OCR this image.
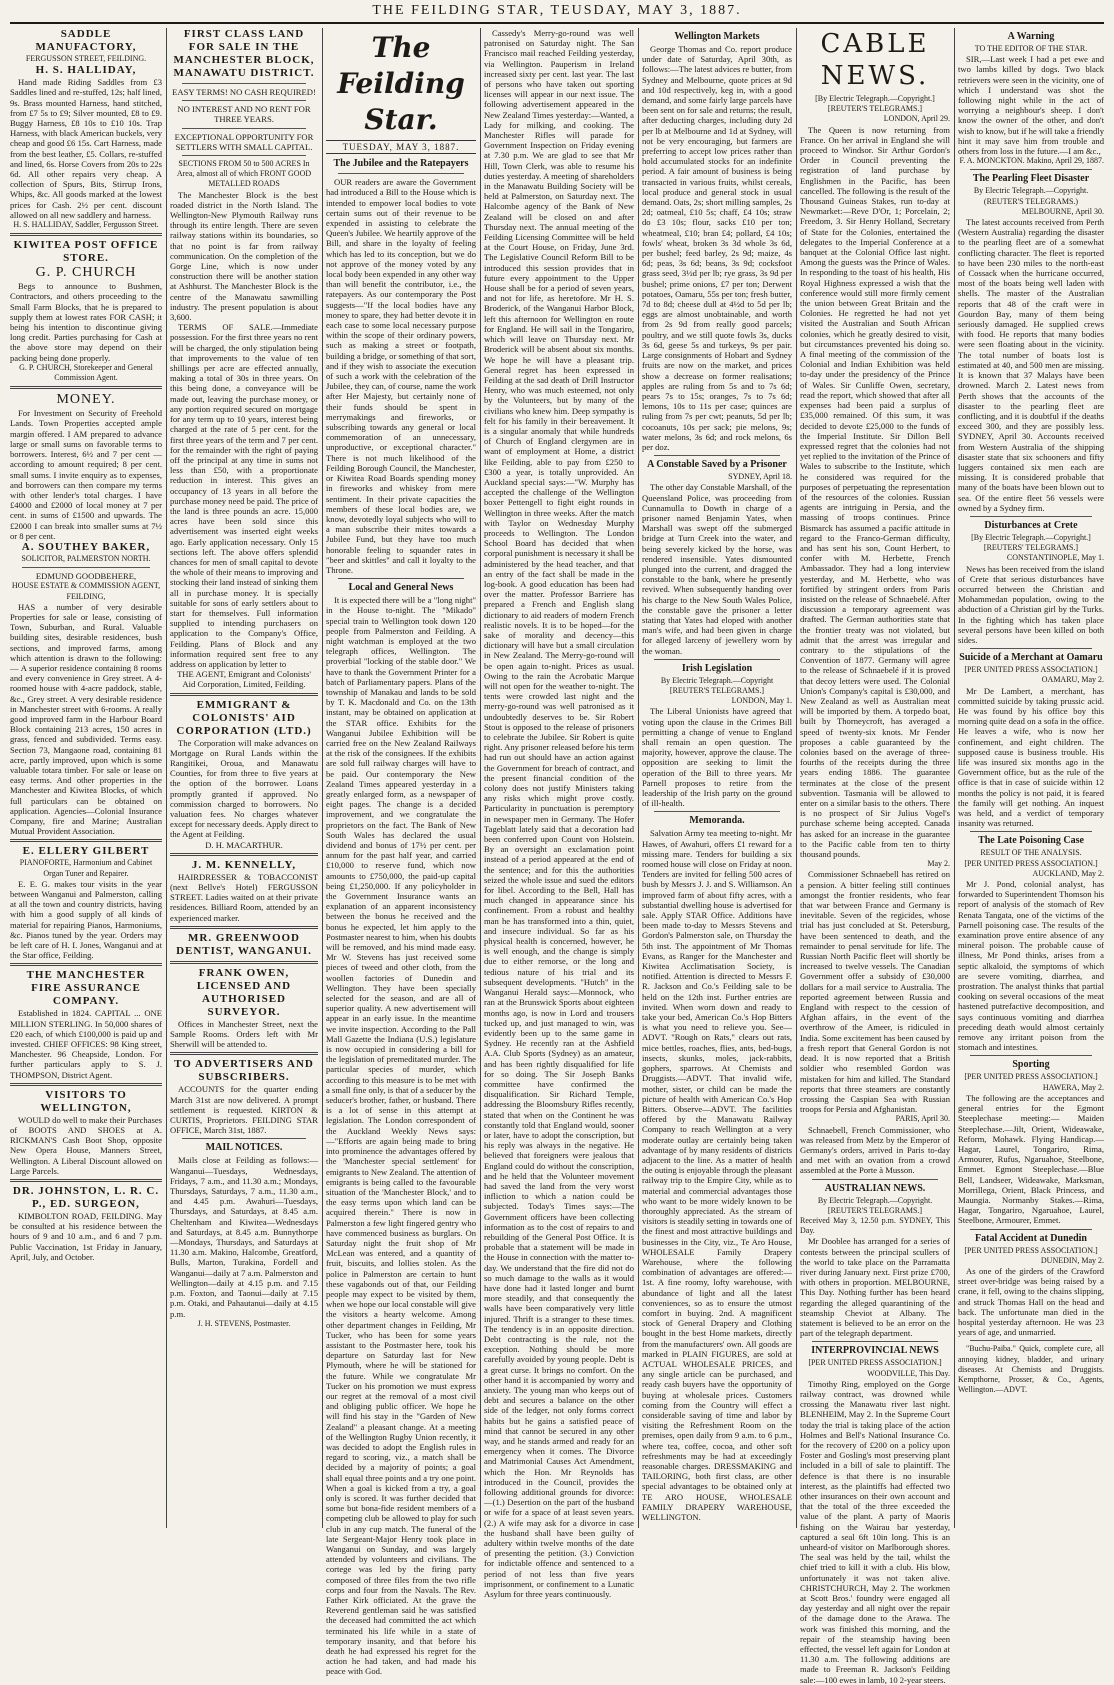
THE FEILDING STAR, TEUSDAY, MAY 3, 1887.
SADDLE MANUFACTORY,
FERGUSSON STREET, FEILDING.
H. S. HALLIDAY,

Hand made Riding Saddles from £3 Saddles lined and re-stuffed, 12s; half lined, 9s. Brass mounted Harness, hand stitched, from £7 5s to £9; Silver mounted, £8 to £9. Buggy Harness, £8 10s to £10 10s. Trap Harness, with black American buckels, very cheap and good £6 15s. Cart Harness, made from the best leather, £5. Collars, re-stuffed and lined, 6s. Horse Covers from 20s to 22s 6d. All other repairs very cheap. A collection of Spurs, Bits, Stirrup Irons, Whips, &c. All goods marked at the lowest prices for Cash. 2½ per cent. discount allowed on all new saddlery and harness.

H. S. HALLIDAY, Saddler, Fergusson Street.
KIWITEA POST OFFICE STORE.
G. P. CHURCH

Begs to announce to Bushmen, Contractors, and others proceeding to the Small Farm Blocks, that he is prepared to supply them at lowest rates FOR CASH; it being his intention to discontinue giving long credit. Parties purchasing for Cash at the above store may depend on their packing being done properly.

G. P. CHURCH, Storekeeper and General Commission Agent.
MONEY.

For Investment on Security of Freehold Lands. Town Properties accepted ample margin offered. I AM prepared to advance large or small sums on favorable terms to borrowers. Interest, 6½ and 7 per cent — according to amount required; 8 per cent. small sums. I invite enquiry as to expenses, and borrowers can then compare my terms with other lender's total charges. I have £4000 and £2000 of local money at 7 per cent. in sums of £1500 and upwards. The £2000 I can break into smaller sums at 7½ or 8 per cent.

A. SOUTHEY BAKER,
SOLICITOR, PALMERSTON NORTH.
EDMUND GOODBEHERE,
HOUSE ESTATE & COMMISSION AGENT, FEILDING,

HAS a number of very desirable Properties for sale or lease, consisting of Town, Suburban, and Rural. Valuable building sites, desirable residences, bush sections, and improved farms, among which attention is drawn to the following:— A superior residence containing 8 rooms and every convenience in Grey street. A 4-roomed house with 4-acre paddock, stable, &c., Grey street. A very desirable residence in Manchester street with 6-rooms. A really good improved farm in the Harbour Board Block containing 213 acres, 150 acres in grass, fenced and subdivided. Terms easy. Section 73, Mangaone road, containing 81 acre, partly improved, upon which is some valuable totara timber. For sale or lease on easy terms. And other properties in the Manchester and Kiwitea Blocks, of which full particulars can be obtained on application. Agencies—Colonial Insurance Company, fire and Marine; Australian Mutual Provident Association.

E. ELLERY GILBERT
PIANOFORTE, Harmonium and Cabinet Organ Tuner and Repairer.

E. E. G. makes tour visits in the year between Wanganui and Palmerston, calling at all the town and country districts, having with him a good supply of all kinds of material for repairing Pianos, Harmoniums, &c. Pianos tuned by the year. Orders may be left care of H. I. Jones, Wanganui and at the Star office, Feilding.

THE MANCHESTER FIRE ASSURANCE COMPANY.

Established in 1824. CAPITAL ... ONE MILLION STERLING. In 50,000 shares of £20 each, of which £100,000 is paid up and invested. CHIEF OFFICES: 98 King street, Manchester. 96 Cheapside, London. For further particulars apply to S. J. THOMPSON, District Agent.

VISITORS TO WELLINGTON,

WOULD do well to make their Purchases of BOOTS AND SHOES at A. RICKMAN'S Cash Boot Shop, opposite New Opera House, Manners Street, Wellington. A Liberal Discount allowed on Large Parcels.

DR. JOHNSTON, L. R. C. P., ED. SURGEON,

KIMBOLTON ROAD, FEILDING. May be consulted at his residence between the hours of 9 and 10 a.m., and 6 and 7 p.m. Public Vaccination, 1st Friday in January, April, July, and October.

FIRST CLASS LAND FOR SALE IN THE MANCHESTER BLOCK, MANAWATU DISTRICT.
EASY TERMS! NO CASH REQUIRED!
NO INTEREST AND NO RENT FOR THREE YEARS.
EXCEPTIONAL OPPORTUNITY FOR SETTLERS WITH SMALL CAPITAL.
SECTIONS FROM 50 to 500 ACRES In Area, almost all of which FRONT GOOD METALLED ROADS

The Manchester Block is the best roaded district in the North Island. The Wellington-New Plymouth Railway runs through its entire length. There are seven railway stations within its boundaries, so that no point is far from railway communication. On the completion of the Gorge Line, which is now under construction there will be another station at Ashhurst. The Manchester Block is the centre of the Manawatu sawmilling industry. The present population is about 3,600.

TERMS OF SALE.—Immediate possession. For the first three years no rent will be charged, the only stipulation being that improvements to the value of ten shillings per acre are effected annually, making a total of 30s in three years. On this being done, a conveyance will be made out, leaving the purchase money, or any portion required secured on mortgage for any term up to 10 years, interest being charged at the rate of 5 per cent. for the first three years of the term and 7 per cent. for the remainder with the right of paying off the principal at any time in sums not less than £50, with a proportionate reduction in interest. This gives an occupancy of 13 years in all before the purchase money need be paid. The price of the land is three pounds an acre. 15,000 acres have been sold since this advertisement was inserted eight weeks ago. Early application necessary. Only 15 sections left. The above offers splendid chances for men of small capital to devote the whole of their means to improving and stocking their land instead of sinking them all in purchase money. It is specially suitable for sons of early settlers about to start for themselves. Full information supplied to intending purchasers on application to the Company's Office, Feilding. Plans of Block and any information required sent free to any address on application by letter to

THE AGENT, Emigrant and Colonists' Aid Corporation, Limited, Feilding.
EMMIGRANT & COLONISTS' AID CORPORATION (LTD.)

The Corporation will make advances on Mortgage on Rural Lands within the Rangitikei, Oroua, and Manawatu Counties, for from three to five years at the option of the borrower. Loans promptly granted if approved. No commission charged to borrowers. No valuation fees. No charges whatever except for necessary deeds. Apply direct to the Agent at Feilding.

D. H. MACARTHUR.
J. M. KENNELLY,

HAIRDRESSER & TOBACCONIST (next Bellve's Hotel) FERGUSSON STREET. Ladies waited on at their private residences. Billiard Room, attended by an experienced marker.

MR. GREENWOOD DENTIST, WANGANUI.
FRANK OWEN, LICENSED AND AUTHORISED SURVEYOR.

Offices in Manchester Street, next the Sample Rooms. Orders left with Mr Sherwill will be attended to.

TO ADVERTISERS AND SUBSCRIBERS.

ACCOUNTS for the quarter ending March 31st are now delivered. A prompt settlement is requested. KIRTON & CURTIS, Proprietors. FEILDING STAR OFFICE, March 31st, 1887.

MAIL NOTICES.

Mails close at Feilding as follows:— Wanganui—Tuesdays, Wednesdays, Fridays, 7 a.m., and 11.30 a.m.; Mondays, Thursdays, Saturdays, 7 a.m., 11.30 a.m., and 4.45 p.m. Awahuri—Tuesdays, Thursdays, and Saturdays, at 8.45 a.m. Cheltenham and Kiwitea—Wednesdays and Saturdays, at 8.45 a.m. Bunnythorpe—Mondays, Thursdays, and Saturdays at 11.30 a.m. Makino, Halcombe, Greatford, Bulls, Marton, Turakina, Fordell and Wanganui—daily at 7 a.m. Palmerston and Wellington—daily at 4.15 p.m. and 7.15 p.m. Foxton, and Taonui—daily at 7.15 p.m. Otaki, and Pahautanui—daily at 4.15 p.m.

J. H. STEVENS, Postmaster.
The Feilding Star.
TUESDAY, MAY 3, 1887.
The Jubilee and the Ratepayers

OUR readers are aware the Government had introduced a Bill to the House which is intended to empower local bodies to vote certain sums out of their revenue to be expended in assisting to celebrate the Queen's Jubilee. We heartily approve of the Bill, and share in the loyalty of feeling which has led to its conception, but we do not approve of the money voted by any local body been expended in any other way than will benefit the contributor, i.e., the ratepayers. As our contemporary the Post suggests—"If the local bodies have any money to spare, they had better devote it in each case to some local necessary purpose within the scope of their ordinary powers, such as making a street or footpath, building a bridge, or something of that sort, and if they wish to associate the execution of such a work with the celebration of the Jubilee, they can, of course, name the work after Her Majesty, but certainly none of their funds should be spent in merrymakings and fireworks, or subscribing towards any general or local commemoration of an unnecessary, unproductive, or exceptional character." There is not much likelihood of the Feilding Borough Council, the Manchester, or Kiwitea Road Boards spending money in fireworks and whiskey from mere sentiment. In their private capacities the members of these local bodies are, we know, devotedly loyal subjects who will to a man subscribe their mites towards a Jubilee Fund, but they have too much honorable feeling to squander rates in "beer and skittles" and call it loyalty to the Throne.

Local and General News

It is expected there will be a "long night" in the House to-night. The "Mikado" special train to Wellington took down 120 people from Palmerston and Feilding. A night watchman is employed at the two telegraph offices, Wellington. The proverbial "locking of the stable door." We have to thank the Government Printer for a batch of Parliamentary papers. Plans of the township of Manakau and lands to be sold by T. K. Macdonald and Co. on the 13th instant, may be obtained on application at the STAR office. Exhibits for the Wanganui Jubilee Exhibition will be carried free on the New Zealand Railways at the risk of the consignees. If the exhibits are sold full railway charges will have to be paid. Our contemporary the New Zealand Times appeared yesterday in a greatly enlarged form, as a newspaper of eight pages. The change is a decided improvement, and we congratulate the proprietors on the fact. The Bank of New South Wales has declared the usual dividend and bonus of 17½ per cent. per annum for the past half year, and carried £10,000 to reserve fund, which now amounts to £750,000, the paid-up capital being £1,250,000. If any policyholder in the Government Insurance wants an explanation of an apparent inconsistency between the bonus he received and the bonus he expected, let him apply to the Postmaster nearest to him, when his doubts will be removed, and his mind made easy. Mr W. Stevens has just received some pieces of tweed and other cloth, from the woollen factories of Dunedin and Wellington. They have been specially selected for the season, and are all of superior quality. A new advertisement will appear in an early issue. In the meantime we invite inspection. According to the Pall Mall Gazette the Indiana (U.S.) legislature is now occupied in considering a bill for the legislation of premeditated murder. The particular species of murder, which according to this measure is to be met with a small fine only, is that of a seducer by the seducer's brother, father, or husband. There is a lot of sense in this attempt at legislation. The London correspondent of the Auckland Weekly News says:—"Efforts are again being made to bring into prominence the advantages offered by the 'Manchester special settlement' for emigrants to New Zealand. The attention of emigrants is being called to the favourable situation of the 'Manchester Block,' and to the easy terms upon which land can be acquired therein." There is now in Palmerston a few light fingered gentry who have commenced business as burglars. On Saturday night the fruit shop of Mr McLean was entered, and a quantity of fruit, biscuits, and lollies stolen. As the police in Palmerston are certain to hunt these vagabonds out of that, our Feilding people may expect to be visited by them, when we hope our local constable will give the visitors a hearty welcome. Among other department changes in Feilding, Mr Tucker, who has been for some years assistant to the Postmaster here, took his departure on Saturday last for New Plymouth, where he will be stationed for the future. While we congratulate Mr Tucker on his promotion we must express our regret at the removal of a most civil and obliging public officer. We hope he will find his stay in the "Garden of New Zealand" a pleasant change. At a meeting of the Wellington Rugby Union recently, it was decided to adopt the English rules in regard to scoring, viz., a match shall be decided by a majority of points; a goal shall equal three points and a try one point. When a goal is kicked from a try, a goal only is scored. It was further decided that some but bona-fide resident members of a competing club be allowed to play for such club in any cup match. The funeral of the late Sergeant-Major Henry took place in Wanganui on Sunday, and was largely attended by volunteers and civilians. The cortege was led by the firing party composed of three files from the two rifle corps and four from the Navals. The Rev. Father Kirk officiated. At the grave the Reverend gentleman said he was satisfied the deceased had committed the act which terminated his life while in a state of temporary insanity, and that before his death he had expressed his regret for the action he had taken, and had made his peace with God.

Cassedy's Merry-go-round was well patronised on Saturday night. The San Francisco mail reached Feilding yesterday, via Wellington. Pauperism in Ireland increased sixty per cent. last year. The last of persons who have taken out sporting licenses will appear in our next issue. The following advertisement appeared in the New Zealand Times yesterday:—Wanted, a Lady for milking, and cooking. The Manchester Rifles will parade for Government Inspection on Friday evening at 7.30 p.m. We are glad to see that Mr Hill, Town Clerk, was able to resume his duties yesterday. A meeting of shareholders in the Manawatu Building Society will be held at Palmerston, on Saturday next. The Halcombe agency of the Bank of New Zealand will be closed on and after Thursday next. The annual meeting of the Feilding Licensing Committee will be held at the Court House, on Friday, June 3rd. The Legislative Council Reform Bill to be introduced this session provides that in future every appointment to the Upper House shall be for a period of seven years, and not for life, as heretofore. Mr H. S. Broderick, of the Wanganui Harbor Block, left this afternoon for Wellington en route for England. He will sail in the Tongariro, which will leave on Thursday next. Mr Broderick will be absent about six months. We hope he will have a pleasant trip. General regret has been expressed in Feilding at the sad death of Drill Instructor Henry, who was much esteemed, not only by the Volunteers, but by many of the civilians who knew him. Deep sympathy is felt for his family in their bereavement. It is a singular anomaly that while hundreds of Church of England clergymen are in want of employment at Home, a district like Feilding, able to pay from £250 to £300 a year, is totally unprovided. An Auckland special says:—"W. Murphy has accepted the challenge of the Wellington boxer Pettengell to fight eight rounds in Wellington in three weeks. After the match with Taylor on Wednesday Murphy proceeds to Wellington. The London School Board has decided that when corporal punishment is necessary it shall be administered by the head teacher, and that an entry of the fact shall be made in the log-book. A good education has been had over the matter. Professor Barriere has prepared a French and English slang dictionary to aid readers of modern French realistic novels. It is to be hoped—for the sake of morality and decency—this dictionary will have but a small circulation in New Zealand. The Merry-go-round will be open again to-night. Prices as usual. Owing to the rain the Acrobatic Marque will not open for the weather to-night. The tents were crowded last night and the merry-go-round was well patronised as it undoubtedly deserves to be. Sir Robert Stout is opposed to the release of prisoners to celebrate the Jubilee. Sir Robert is quite right. Any prisoner released before his term had run out should have an action against the Government for breach of contract, and the present financial condition of the colony does not justify Ministers taking any risks which might prove costly. Particularity in punctuation is peremptory in newspaper men in Germany. The Hofer Tageblatt lately said that a decoration had been conferred upon Count von Holstein. By an oversight an exclamation point instead of a period appeared at the end of the sentence; and for this the authorities seized the whole issue and sued the editors for libel. According to the Bell, Hall has much changed in appearance since his confinement. From a robust and healthy man he has transformed into a thin, quiet, and insecure individual. So far as his physical health is concerned, however, he is well enough, and the change is simply due to either remorse, or the long and tedious nature of his trial and its subsequent developments. "Hutch" in the Wanganui Herald says:—Monnock, who ran at the Brunswick Sports about eighteen months ago, is now in Lord and trousers tucked up, and just managed to win, was evidently been up to the same game in Sydney. He recently ran at the Ashfield A.A. Club Sports (Sydney) as an amateur, and has been rightly disqualified for life for so doing. The Sir Joseph Banks committee have confirmed the disqualification. Sir Richard Temple, addressing the Bloomsbury Rifles recently, stated that when on the Continent he was constantly told that England would, sooner or later, have to adopt the conscription, but his reply was always in the negative. He believed that foreigners were jealous that England could do without the conscription, and he held that the Volunteer movement had saved the land from the very worst infliction to which a nation could be subjected. Today's Times says:—The Government officers have been collecting information as to the cost of repairs to and rebuilding of the General Post Office. It is probable that a statement will be made in the House in connection with the matter to-day. We understand that the fire did not do so much damage to the walls as it would have done had it lasted longer and burnt more steadily, and that consequently the walls have been comparatively very little injured. Thrift is a stranger to these times. The tendency is in an opposite direction. Debt contracting is the rule, not the exception. Nothing should be more carefully avoided by young people. Debt is a great curse. It brings no comfort. On the other hand it is accompanied by worry and anxiety. The young man who keeps out of debt and secures a balance on the other side of the ledger, not only forms correct habits but he gains a satisfied peace of mind that cannot be secured in any other way, and he stands armed and ready for an emergency when it comes. The Divorce and Matrimonial Causes Act Amendment, which the Hon. Mr Reynolds has introduced in the Council, provides the following additional grounds for divorce:—(1.) Desertion on the part of the husband or wife for a space of at least seven years. (2.) A wife may ask for a divorce in case the husband shall have been guilty of adultery within twelve months of the date of presenting the petition. (3.) Conviction for indictable offence and sentenced to a period of not less than five years imprisonment, or confinement to a Lunatic Asylum for three years continuously.

Wellington Markets

George Thomas and Co. report produce under date of Saturday, April 30th, as follows:—The latest advices re butter, from Sydney and Melbourne, quote prices at 9d and 10d respectively, keg in, with a good demand, and some fairly large parcels have been sent on for sale and returns; the result, after deducting charges, including duty 2d per lb at Melbourne and 1d at Sydney, will not be very encouraging, but farmers are preferring to accept low prices rather than hold accumulated stocks for an indefinite period. A fair amount of business is being transacted in various fruits, whilst cereals, local produce and general stock in usual demand. Oats, 2s; short milling samples, 2s 2d; oatmeal, £10 5s; chaff, £4 10s; straw do £3 10s; flour, sacks £10 per ton; wheatmeal, £10; bran £4; pollard, £4 10s; fowls' wheat, broken 3s 3d whole 3s 6d, per bushel; feed barley, 2s 9d; maize, 4s 6d; peas, 3s 6d; beans, 3s 9d; cocksfoot grass seed, 3½d per lb; rye grass, 3s 9d per bushel; prime onions, £7 per ton; Derwent potatoes, Oamaru, 55s per ton; fresh butter, 7d to 8d; cheese dull at 4½d to 5d per lb; eggs are almost unobtainable, and worth from 2s 9d from really good parcels; poultry, and we still quote fowls 3s, ducks 3s 6d, geese 5s and turkeys, 9s per pair. Large consignments of Hobart and Sydney fruits are now on the market, and prices show a decrease on former realisations; apples are ruling from 5s and to 7s 6d; pears 7s to 15s; oranges, 7s to 7s 6d; lemons, 10s to 11s per case; quinces are ruling from 7s per cwt; peanuts, 5d per lb; cocoanuts, 10s per sack; pie melons, 9s; water melons, 3s 6d; and rock melons, 6s per doz.

A Constable Saved by a Prisoner
SYDNEY, April 18.

The other day Constable Marshall, of the Queensland Police, was proceeding from Cunnamulla to Dowth in charge of a prisoner named Benjamin Yates, when Marshall was swept off the submerged bridge at Turn Creek into the water, and being severely kicked by the horse, was rendered insensible. Yates dismounted plunged into the current, and dragged the constable to the bank, where he presently revived. When subsequently handing over his charge to the New South Wales Police, the constable gave the prisoner a letter stating that Yates had eloped with another man's wife, and had been given in charge for alleged larceny of jewellery worn by the woman.

Irish Legislation
By Electric Telegraph.—Copyright
[REUTER'S TELEGRAMS.]
LONDON, May 1.

The Liberal Unionists have agreed that voting upon the clause in the Crimes Bill permitting a change of venue to England shall remain an open question. The majority, however, approve the clause. The opposition are seeking to limit the operation of the Bill to three years. Mr Parnell proposes to retire from the leadership of the Irish party on the ground of ill-health.

Memoranda.

Salvation Army tea meeting to-night. Mr Hawes, of Awahuri, offers £1 reward for a missing mare. Tenders for building a six roomed house will close on Friday at noon. Tenders are invited for felling 500 acres of bush by Messrs J. J. and S. Williamson. An improved farm of about fifty acres, with a substantial dwelling house is advertised for sale. Apply STAR Office. Additions have been made to-day to Messrs Stevens and Gordon's Palmerston sale, on Thursday the 5th inst. The appointment of Mr Thomas Evans, as Ranger for the Manchester and Kiwitea Acclimatisation Society, is notified. Attention is directed to Messrs F. R. Jackson and Co.'s Feilding sale to be held on the 12th inst. Further entries are invited. When worn down and ready to take your bed, American Co.'s Hop Bitters is what you need to relieve you. See—ADVT. "Rough on Rats," clears out rats, mice bettles, roaches, flies, ants, bed-bugs, insects, skunks, moles, jack-rabbits, gophers, sparrows. At Chemists and Druggists.—ADVT. That invalid wife, mother, sister, or child can be made the picture of health with American Co.'s Hop Bitters. Observe—ADVT. The facilities offered by the Manawatu Railway Company to reach Wellington at a very moderate outlay are certainly being taken advantage of by many residents of districts adjacent to the line. As a matter of health the outing is enjoyable through the pleasant railway trip to the Empire City, while as to material and commercial advantages those who want to be more widely known to be thoroughly appreciated. As the stream of visitors is steadily setting in towards one of the finest and most attractive buildings and businesses in the City, viz., Te Aro House, WHOLESALE Family Drapery Warehouse, where the following combination of advantages are offered:—1st. A fine roomy, lofty warehouse, with abundance of light and all the latest conveniences, so as to ensure the utmost comfort in buying. 2nd. A magnificent stock of General Drapery and Clothing bought in the best Home markets, directly from the manufacturers' own. All goods are marked in PLAIN FIGURES, are sold at ACTUAL WHOLESALE PRICES, and any single article can be purchased, and ready cash buyers have the opportunity of buying at wholesale prices. Customers coming from the Country will effect a considerable saving of time and labor by visiting the Refreshment Room on the premises, open daily from 9 a.m. to 6 p.m., where tea, coffee, cocoa, and other soft refreshments may be had at exceedingly reasonable charges. DRESSMAKING and TAILORING, both first class, are other special advantages to be obtained only at TE ARO HOUSE, WHOLESALE FAMILY DRAPERY WAREHOUSE, WELLINGTON.

CABLE NEWS.
[By Electric Telegraph.—Copyright.]
[REUTER'S TELEGRAMS.]
LONDON, April 29.

The Queen is now returning from France. On her arrival in England she will proceed to Windsor. Sir Arthur Gordon's Order in Council preventing the registration of land purchase by Englishmen in the Pacific, has been cancelled. The following is the result of the Thousand Guineas Stakes, run to-day at Newmarket:—Reve D'Or, 1; Porcelain, 2; Freedom, 3. Sir Henry Holland, Secretary of State for the Colonies, entertained the delegates to the Imperial Conference at a banquet at the Colonial Office last night. Among the guests was the Prince of Wales. In responding to the toast of his health, His Royal Highness expressed a wish that the conference would still more firmly cement the union between Great Britain and the Colonies. He regretted he had not yet visited the Australian and South African colonies, which he greatly desired to visit, but circumstances prevented his doing so. A final meeting of the commission of the Colonial and Indian Exhibition was held to-day under the presidency of the Prince of Wales. Sir Cunliffe Owen, secretary, read the report, which showed that after all expenses had been paid a surplus of £35,000 remained. Of this sum, it was decided to devote £25,000 to the funds of the Imperial Institute. Sir Dillon Bell expressed regret that the colonies had not yet replied to the invitation of the Prince of Wales to subscribe to the Institute, which he considered was required for the purposes of perpetuating the representation of the resources of the colonies. Russian agents are intriguing in Persia, and the massing of troops continues. Prince Bismarck has assumed a pacific attitude in regard to the Franco-German difficulty, and has sent his son, Count Herbert, to confer with M. Herbette, French Ambassador. They had a long interview yesterday, and M. Herbette, who was fortified by stringent orders from Paris insisted on the release of Schnaebelé. After discussion a temporary agreement was drafted. The German authorities state that the frontier treaty was not violated, but admit that the arrest was irregular and contrary to the stipulations of the Convention of 1877. Germany will agree to the release of Schnaebelé if it is proved that decoy letters were used. The Colonial Union's Company's capital is £30,000, and New Zealand as well as Australian meat will be imported by them. A torpedo boat, built by Thorneycroft, has averaged a speed of twenty-six knots. Mr Fender proposes a cable guaranteed by the colonies based on the average of three-fourths of the receipts during the three years ending 1886. The guarantee terminates at the close of the present subvention. Tasmania will be allowed to enter on a similar basis to the others. There is no prospect of Sir Julius Vogel's purchase scheme being accepted. Canada has asked for an increase in the guarantee to the Pacific cable from ten to thirty thousand pounds.

May 2.

Commissioner Schnaebell has retired on a pension. A bitter feeling still continues amongst the frontier residents, who fear that war between France and Germany is inevitable. Seven of the regicides, whose trial has just concluded at St. Petersburg, have been sentenced to death, and the remainder to penal servitude for life. The Russian North Pacific fleet will shortly be increased to twelve vessels. The Canadian Government offer a subsidy of £30,000 dollars for a mail service to Australia. The reported agreement between Russia and England with respect to the cession of Afghan affairs, in the event of the overthrow of the Ameer, is ridiculed in India. Some excitement has been caused by a fresh report that General Gordon is not dead. It is now reported that a British soldier who resembled Gordon was mistaken for him and killed. The Standard reports that three steamers are constantly crossing the Caspian Sea with Russian troops for Persia and Afghanistan.

PARIS, April 30.

Schnaebell, French Commissioner, who was released from Metz by the Emperor of Germany's orders, arrived in Paris to-day and met with an ovation from a crowd assembled at the Porte à Musson.

AUSTRALIAN NEWS.
By Electric Telegraph.—Copyright.
[REUTER'S TELEGRAMS.]
Received May 3, 12.50 p.m. SYDNEY, This Day.

Mr Dooblee has arranged for a series of contests between the principal scullers of the world to take place on the Parramatta river during January next. First prize £700, with others in proportion. MELBOURNE, This Day. Nothing further has been heard regarding the alleged quarantining of the steamship Cheviot at Albany. The statement is believed to be an error on the part of the telegraph department.

INTERPROVINCIAL NEWS
[PER UNITED PRESS ASSOCIATION.]
WOODVILLE, This Day.

Timothy Ring, employed on the Gorge railway contract, was drowned while crossing the Manawatu river last night. BLENHEIM, May 2. In the Supreme Court today the trial is taking place of the action Holmes and Bell's National Insurance Co. for the recovery of £200 on a policy upon Foster and Gosling's most preserving plant included in a bill of sale to plaintiff. The defence is that there is no insurable interest, as the plaintiffs had effected two other insurances on their own account and that the total of the three exceeded the value of the plant. A party of Maoris fishing on the Wairau bar yesterday, captured a seal 6ft 10in long. This is an unheard-of visitor on Marlborough shores. The seal was held by the tail, whilst the chief tried to kill it with a club. His blow, unfortunately it was not taken alive. CHRISTCHURCH, May 2. The workmen at Scott Bros.' foundry were engaged all day yesterday and all night over the repair of the damage done to the Arawa. The work was finished this morning, and the repair of the steamship having been effected, the vessel left again for London at 11.30 a.m. The following additions are made to Freeman R. Jackson's Feilding sale:—100 ewes in lamb, 10 2-year steers.

A Warning
TO THE EDITOR OF THE STAR.

SIR,—Last week I had a pet ewe and two lambs killed by dogs. Two black retrievers were seen in the vicinity, one of which I understand was shot the following night while in the act of worrying a neighbour's sheep. I don't know the owner of the other, and don't wish to know, but if he will take a friendly hint it may save him from trouble and others from loss in the future.—I am &c.,

F. A. MONCKTON. Makino, April 29, 1887.
The Pearling Fleet Disaster
By Electric Telegraph.—Copyright.
(REUTER'S TELEGRAMS.)
MELBOURNE, April 30.

The latest accounts received from Perth (Western Australia) regarding the disaster to the pearling fleet are of a somewhat conflicting character. The fleet is reported to have been 230 miles to the north-east of Cossack when the hurricane occurred, most of the boats being well laden with shells. The master of the Australian reports that 48 of the craft were in Gourdon Bay, many of them being seriously damaged. He supplied crews with food. He reports that many bodies were seen floating about in the vicinity. The total number of boats lost is estimated at 40, and 500 men are missing. It is known that 37 Malays have been drowned. March 2. Latest news from Perth shows that the accounts of the disaster to the pearling fleet are conflicting, and it is doubtful if the deaths exceed 300, and they are possibly less. SYDNEY, April 30. Accounts received from Western Australia of the shipping disaster state that six schooners and fifty luggers contained six men each are missing. It is considered probable that many of the boats have been blown out to sea. Of the entire fleet 56 vessels were owned by a Sydney firm.

Disturbances at Crete
[By Electric Telegraph.—Copyright.]
[REUTERS' TELEGRAMS.]
CONSTANTINOPLE, May 1.

News has been received from the island of Crete that serious disturbances have occurred between the Christian and Mohammedan population, owing to the abduction of a Christian girl by the Turks. In the fighting which has taken place several persons have been killed on both sides.

Suicide of a Merchant at Oamaru
[PER UNITED PRESS ASSOCIATION.]
OAMARU, May 2.

Mr De Lambert, a merchant, has committed suicide by taking prussic acid. He was found by his office boy this morning quite dead on a sofa in the office. He leaves a wife, who is now her confinement, and eight children. The supposed cause is business trouble. His life was insured six months ago in the Government office, but as the rule of the office is that in case of suicide within 12 months the policy is not paid, it is feared the family will get nothing. An inquest was held, and a verdict of temporary insanity was returned.

The Late Poisoning Case
RESULT OF THE ANALYSIS.
[PER UNITED PRESS ASSOCIATION.]
AUCKLAND, May 2.

Mr J. Pond, colonial analyst, has forwarded to Superintendent Thomson his report of analysis of the stomach of Rev Renata Tangata, one of the victims of the Parnell poisoning case. The results of the examination prove entire absence of any mineral poison. The probable cause of illness, Mr Pond thinks, arises from a septic alkaloid, the symptoms of which are severe vomiting, diarrhea, and prostration. The analyst thinks that partial cooking on several occasions of the meat hastened putrefactive decomposition, and says continuous vomiting and diarrhea preceding death would almost certainly remove any irritant poison from the stomach and intestines.

Sporting
[PER UNITED PRESS ASSOCIATION.]
HAWERA, May 2.

The following are the acceptances and general entries for the Egmont Steeplechase meeting:— Maiden Steeplechase.—Jilt, Orient, Wideawake, Reform, Mohawk. Flying Handicap.—Hagar, Laurel, Tongariro, Rima, Armourer, Rufus, Ngaruahoe, Steelbone, Emmet. Egmont Steeplechase.—Blue Bell, Landseer, Wideawake, Marksman, Morrillega, Orient, Black Princess, and Maungia. Normanby Stakes.—Rima, Hagar, Tongariro, Ngaruahoe, Laurel, Steelbone, Armourer, Emmet.

Fatal Accident at Dunedin
[PER UNITED PRESS ASSOCIATION.]
DUNEDIN, May 2.

As one of the girders of the Crawford street over-bridge was being raised by a crane, it fell, owing to the chains slipping, and struck Thomas Hall on the head and back. The unfortunate man died in the hospital yesterday afternoon. He was 23 years of age, and unmarried.

"Buchu-Paiba." Quick, complete cure, all annoying kidney, bladder, and urinary diseases. At Chemists and Druggists. Kempthorne, Prosser, & Co., Agents, Wellington.—ADVT.
